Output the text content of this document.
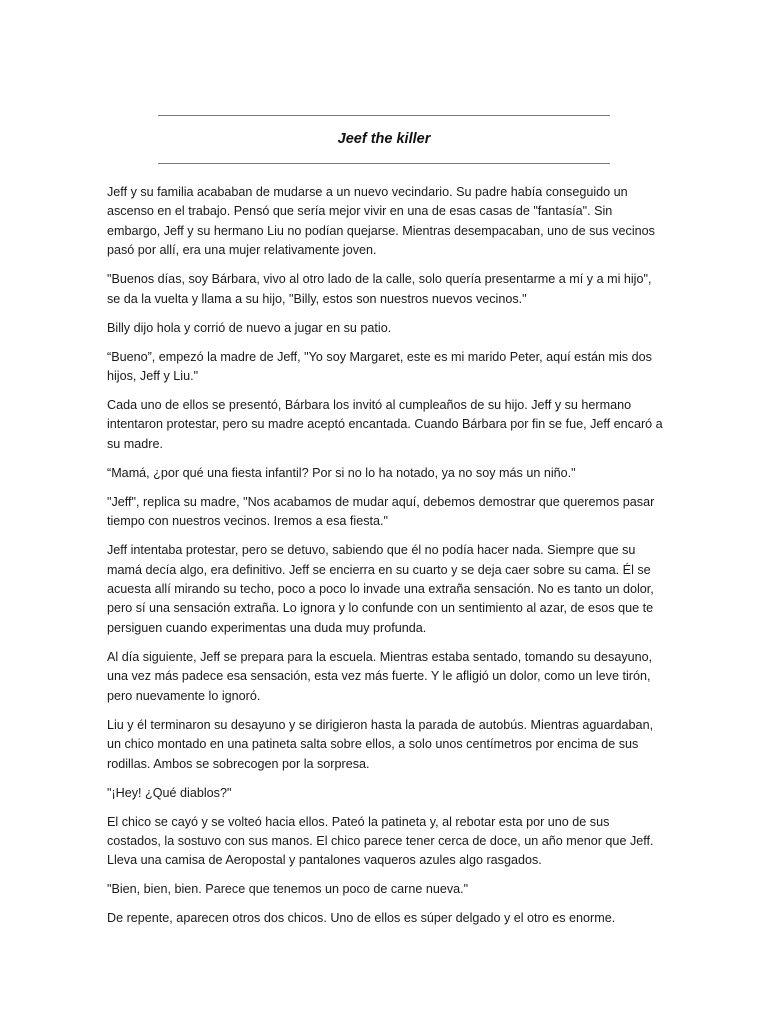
Jeef the killer

Jeff y su familia acababan de mudarse a un nuevo vecindario. Su padre había conseguido un ascenso en el trabajo. Pensó que sería mejor vivir en una de esas casas de "fantasía". Sin embargo, Jeff y su hermano Liu no podían quejarse. Mientras desempacaban, uno de sus vecinos pasó por allí, era una mujer relativamente joven.

"Buenos días, soy Bárbara, vivo al otro lado de la calle, solo quería presentarme a mí y a mi hijo", se da la vuelta y llama a su hijo, "Billy, estos son nuestros nuevos vecinos."

Billy dijo hola y corrió de nuevo a jugar en su patio.

“Bueno”, empezó la madre de Jeff, "Yo soy Margaret, este es mi marido Peter, aquí están mis dos hijos, Jeff y Liu."

Cada uno de ellos se presentó, Bárbara los invitó al cumpleaños de su hijo. Jeff y su hermano intentaron protestar, pero su madre aceptó encantada. Cuando Bárbara por fin se fue, Jeff encaró a su madre.

“Mamá, ¿por qué una fiesta infantil? Por si no lo ha notado, ya no soy más un niño."

"Jeff", replica su madre, "Nos acabamos de mudar aquí, debemos demostrar que queremos pasar tiempo con nuestros vecinos. Iremos a esa fiesta."

Jeff intentaba protestar, pero se detuvo, sabiendo que él no podía hacer nada. Siempre que su mamá decía algo, era definitivo. Jeff se encierra en su cuarto y se deja caer sobre su cama. Él se acuesta allí mirando su techo, poco a poco lo invade una extraña sensación. No es tanto un dolor, pero sí una sensación extraña. Lo ignora y lo confunde con un sentimiento al azar, de esos que te persiguen cuando experimentas una duda muy profunda.

Al día siguiente, Jeff se prepara para la escuela. Mientras estaba sentado, tomando su desayuno, una vez más padece esa sensación, esta vez más fuerte. Y le afligió un dolor, como un leve tirón, pero nuevamente lo ignoró.

Liu y él terminaron su desayuno y se dirigieron hasta la parada de autobús. Mientras aguardaban, un chico montado en una patineta salta sobre ellos, a solo unos centímetros por encima de sus rodillas. Ambos se sobrecogen por la sorpresa.

"¡Hey! ¿Qué diablos?"

El chico se cayó y se volteó hacia ellos. Pateó la patineta y, al rebotar esta por uno de sus costados, la sostuvo con sus manos. El chico parece tener cerca de doce, un año menor que Jeff. Lleva una camisa de Aeropostal y pantalones vaqueros azules algo rasgados.

"Bien, bien, bien. Parece que tenemos un poco de carne nueva."

De repente, aparecen otros dos chicos. Uno de ellos es súper delgado y el otro es enorme.
